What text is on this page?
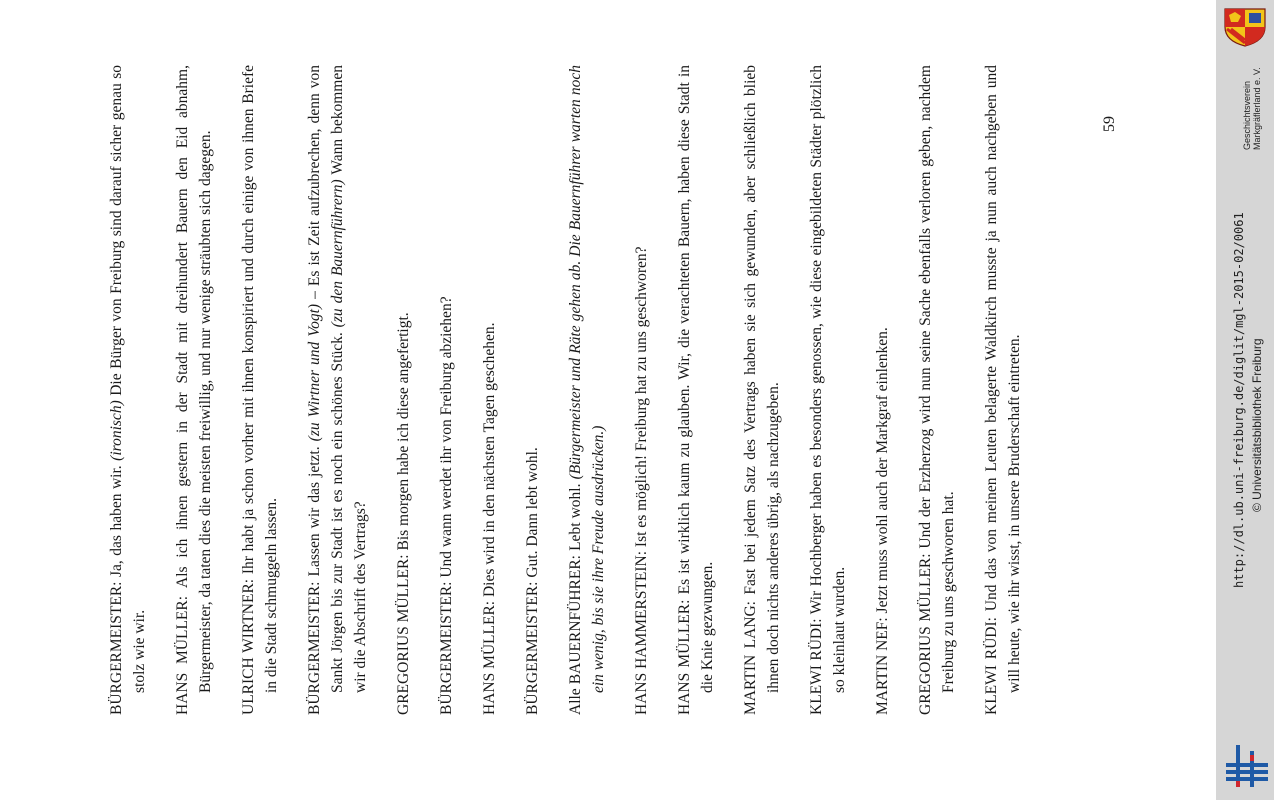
BÜRGERMEISTER: Ja, das haben wir. (ironisch) Die Bürger von Freiburg sind darauf sicher genau so stolz wie wir. HANS MÜLLER: Als ich ihnen gestern in der Stadt mit dreihundert Bauern den Eid abnahm, Bürgermeister, da taten dies die meisten freiwillig, und nur wenige sträubten sich dagegen. ULRICH WIRTNER: Ihr habt ja schon vorher mit ihnen konspiriert und durch einige von ihnen Briefe in die Stadt schmuggeln lassen. BÜRGERMEISTER: Lassen wir das jetzt. (zu Wirtner und Vogt) – Es ist Zeit aufzubrechen, denn von Sankt Jörgen bis zur Stadt ist es noch ein schönes Stück. (zu den Bauernführern) Wann bekommen wir die Abschrift des Vertrags? GREGORIUS MÜLLER: Bis morgen habe ich diese angefertigt.

BÜRGERMEISTER: Und wann werdet ihr von Freiburg abziehen?

HANS MÜLLER: Dies wird in den nächsten Tagen geschehen.

BÜRGERMEISTER: Gut. Dann lebt wohl.

Alle BAUERNFÜHRER: Lebt wohl. (Bürgermeister und Räte gehen ab. Die Bauernführer warten noch ein wenig, bis sie ihre Freude ausdrücken.) HANS HAMMERSTEIN: Ist es möglich! Freiburg hat zu uns geschworen?

HANS MÜLLER: Es ist wirklich kaum zu glauben. Wir, die verachteten Bauern, haben diese Stadt in die Knie gezwungen. MARTIN LANG: Fast bei jedem Satz des Vertrags haben sie sich gewunden, aber schließlich blieb ihnen doch nichts anderes übrig, als nachzugeben. KLEWI RÜDI: Wir Hochberger haben es besonders genossen, wie diese eingebildeten Städter plötzlich so kleinlaut wurden. MARTIN NEF: Jetzt muss wohl auch der Markgraf einlenken.

GREGORIUS MÜLLER: Und der Erzherzog wird nun seine Sache ebenfalls verloren geben, nachdem Freiburg zu uns geschworen hat. KLEWI RÜDI: Und das von meinen Leuten belagerte Waldkirch musste ja nun auch nachgeben und will heute, wie ihr wisst, in unsere Bruderschaft eintreten.

59	Geschichtsverein Markgräflerland e. V.
http://dl.ub.uni-freiburg.de/diglit/mgl-2015-02/0061 © Universitätsbibliothek Freiburg
